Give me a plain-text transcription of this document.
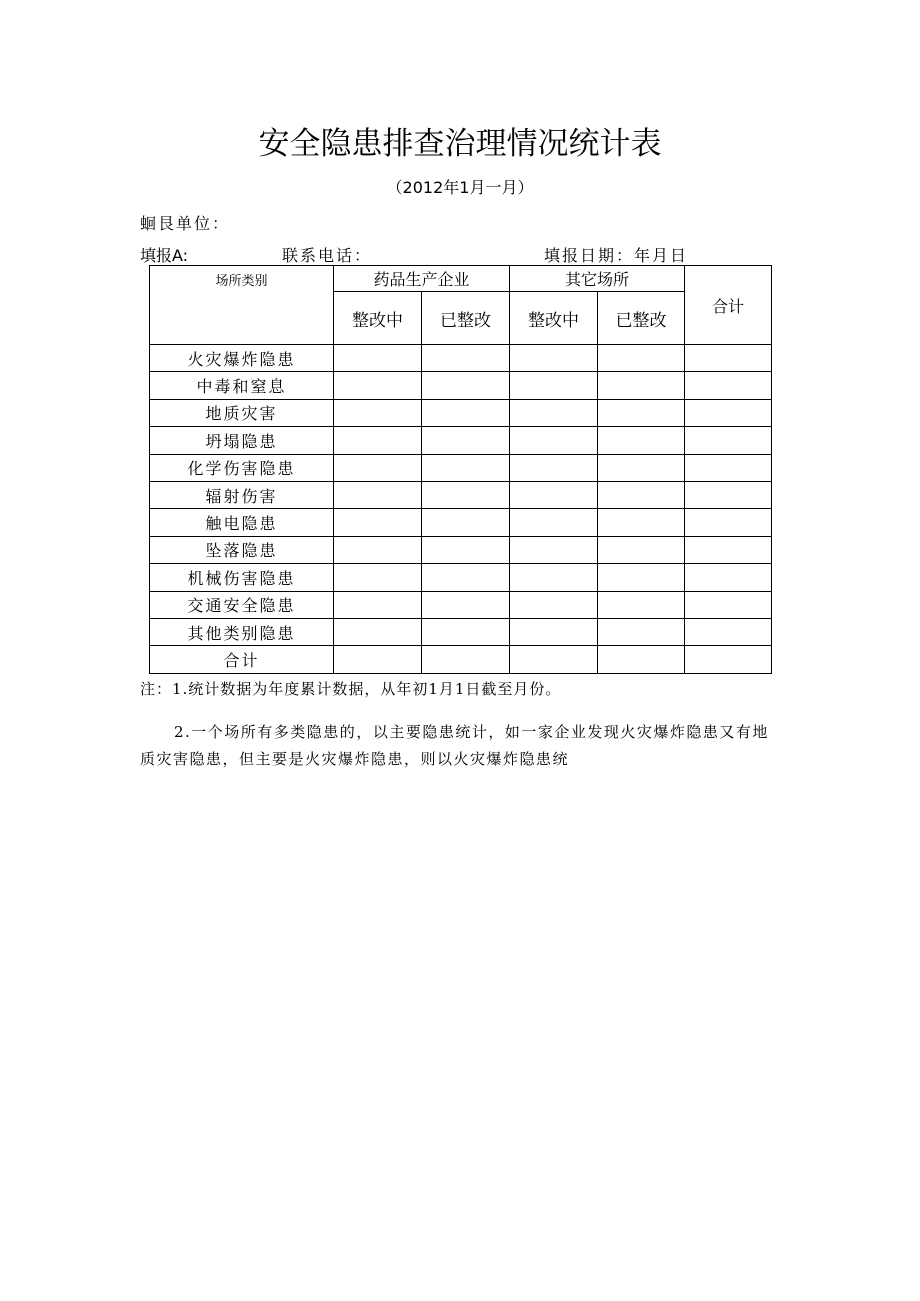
安全隐患排查治理情况统计表
（2012年1月一月）
蛔艮单位：
填报A:	联系电话：	填报日期：年月日
场所类别	药品生产企业		其它场所		合计
	整改中	已整改	整改中	已整改	
火灾爆炸隐患					
中毒和窒息					
地质灾害					
坍塌隐患					
化学伤害隐患					
辐射伤害					
触电隐患					
坠落隐患					
机械伤害隐患					
交通安全隐患					
其他类别隐患					
合计					
注：1.统计数据为年度累计数据，从年初1月1日截至月份。
2.一个场所有多类隐患的，以主要隐患统计，如一家企业发现火灾爆炸隐患又有地质灾害隐患，但主要是火灾爆炸隐患，则以火灾爆炸隐患统
